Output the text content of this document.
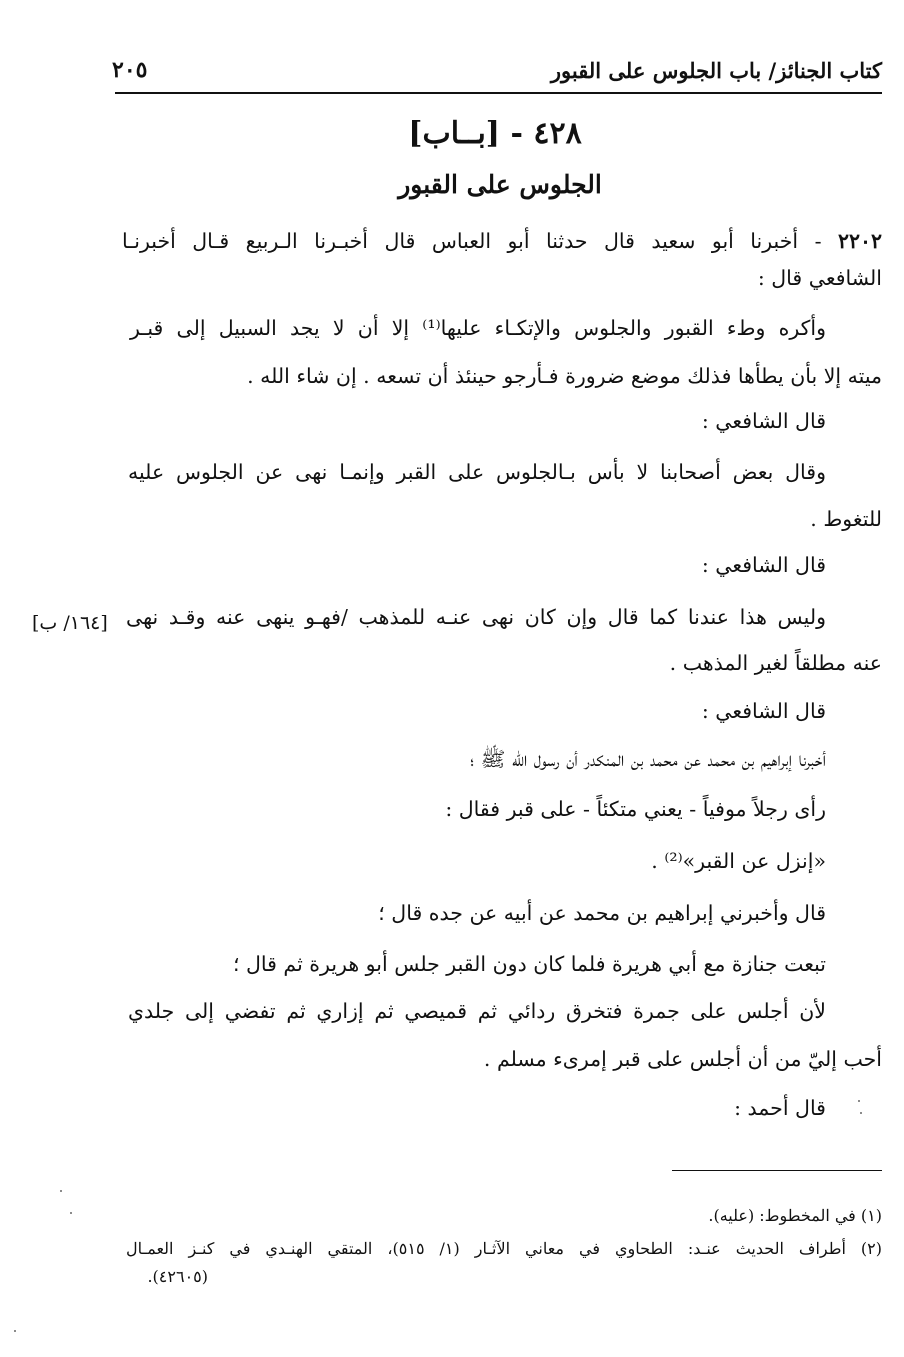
٢٠٥	كتاب الجنائز/ باب الجلوس على القبور
٤٢٨ - [بــاب]
الجلوس على القبور
٢٢٠٢ - أخبرنا أبو سعيد قال حدثنا أبو العباس قال أخبـرنا الـربيع قـال أخبرنـا
الشافعي قال :
وأكره وطء القبور والجلوس والإتكـاء عليها⁽¹⁾ إلا أن لا يجد السبيل إلى قبـر
ميته إلا بأن يطأها فذلك موضع ضرورة فـأرجو حينئذ أن تسعه . إن شاء الله .
قال الشافعي :
وقال بعض أصحابنا لا بأس بـالجلوس على القبر وإنمـا نهى عن الجلوس عليه
للتغوط .
قال الشافعي :
وليس هذا عندنا كما قال وإن كان نهى عنـه للمذهب /فهـو ينهى عنه وقـد نهى
عنه مطلقاً لغير المذهب .
قال الشافعي :
أخبرنا إبراهيم بن محمد عن محمد بن المنكدر أن رسول الله ﷺ ؛
رأى رجلاً موفياً - يعني متكئاً - على قبر فقال :
«إنزل عن القبر»⁽²⁾ .
قال وأخبرني إبراهيم بن محمد عن أبيه عن جده قال ؛
تبعت جنازة مع أبي هريرة فلما كان دون القبر جلس أبو هريرة ثم قال ؛
لأن أجلس على جمرة فتخرق ردائي ثم قميصي ثم إزاري ثم تفضي إلى جلدي
أحب إليّ من أن أجلس على قبر إمرىء مسلم .
قال أحمد :
[١٦٤/ ب]
(١) في المخطوط: (عليه).
(٢) أطراف الحديث عنـد: الطحاوي في معاني الآثـار (١/ ٥١٥)، المتقي الهنـدي في كنـز العمـال
(٤٢٦٠٥).
